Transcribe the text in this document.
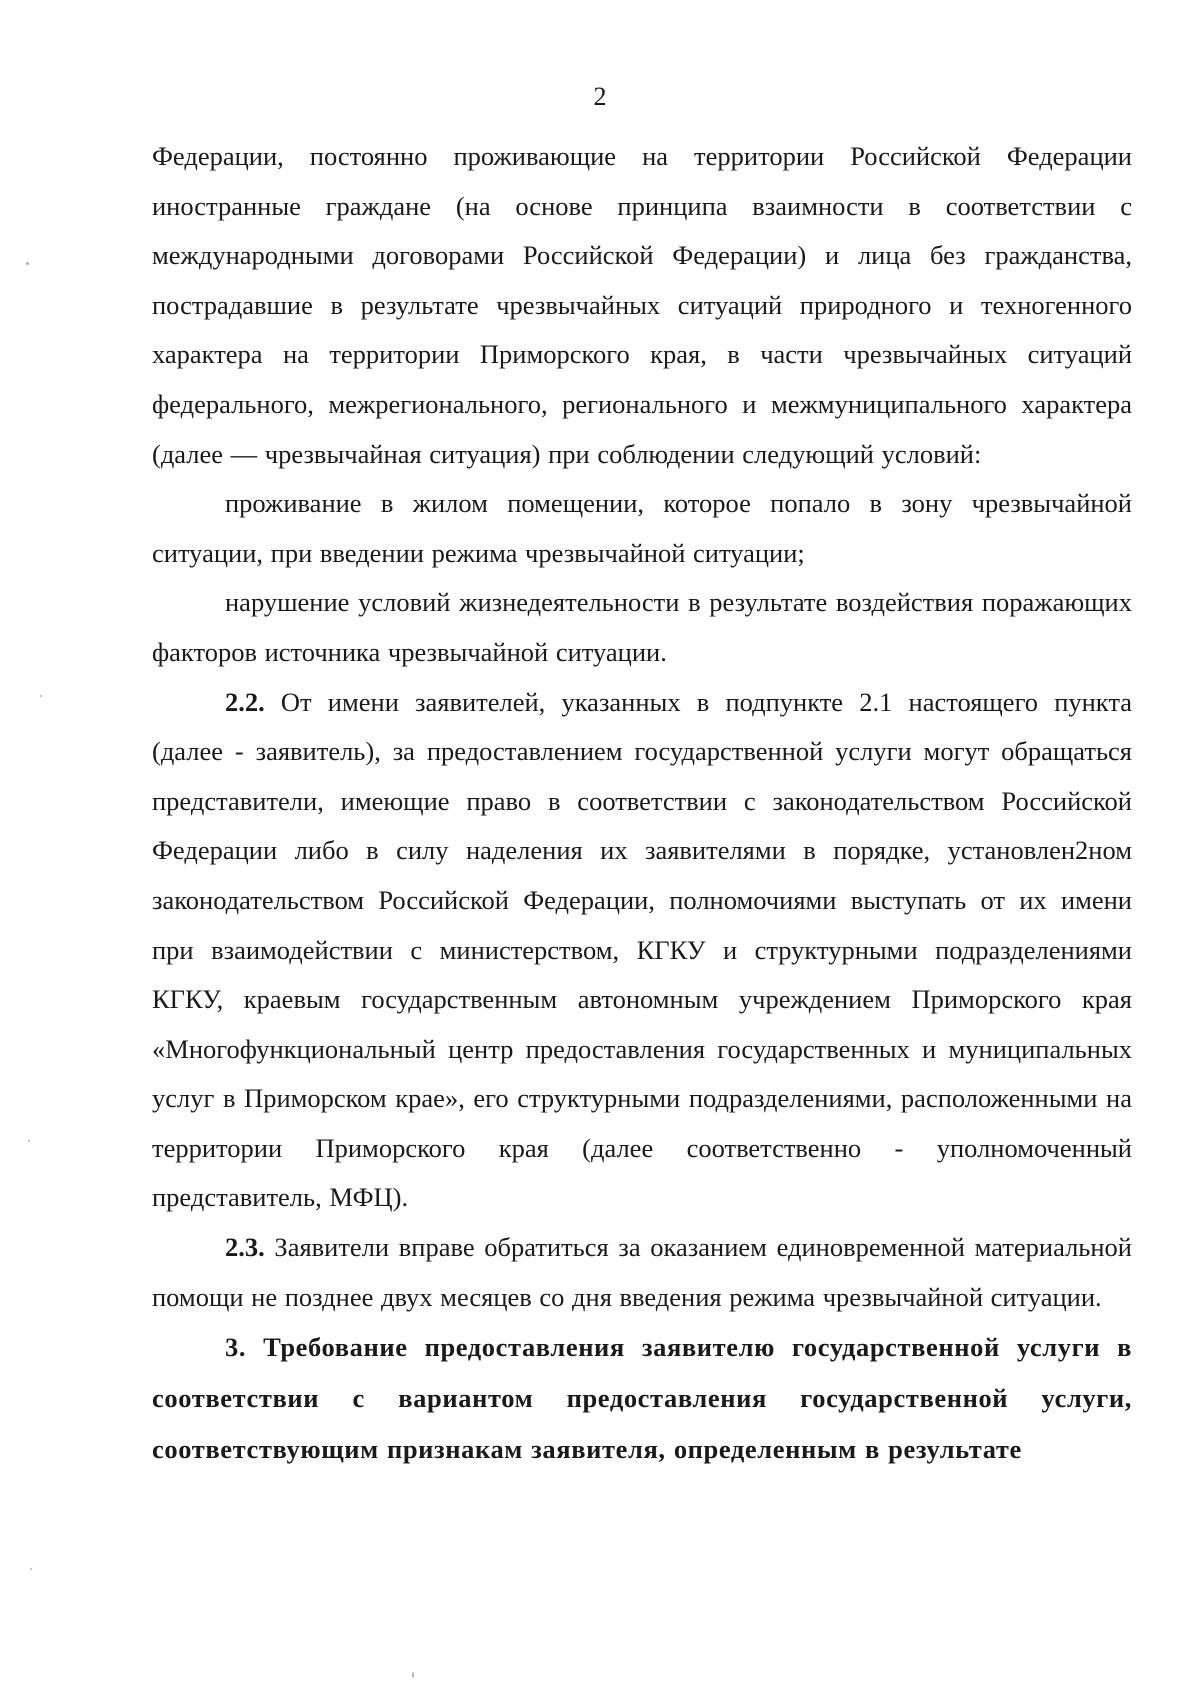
2

Федерации, постоянно проживающие на территории Российской Федерации иностранные граждане (на основе принципа взаимности в соответствии с международными договорами Российской Федерации) и лица без гражданства, пострадавшие в результате чрезвычайных ситуаций природного и техногенного характера на территории Приморского края, в части чрезвычайных ситуаций федерального, межрегионального, регионального и межмуниципального характера (далее — чрезвычайная ситуация) при соблюдении следующий условий:

проживание в жилом помещении, которое попало в зону чрезвычайной ситуации, при введении режима чрезвычайной ситуации;

нарушение условий жизнедеятельности в результате воздействия поражающих факторов источника чрезвычайной ситуации.

2.2. От имени заявителей, указанных в подпункте 2.1 настоящего пункта (далее - заявитель), за предоставлением государственной услуги могут обращаться представители, имеющие право в соответствии с законодательством Российской Федерации либо в силу наделения их заявителями в порядке, установлен2ном законодательством Российской Федерации, полномочиями выступать от их имени при взаимодействии с министерством, КГКУ и структурными подразделениями КГКУ, краевым государственным автономным учреждением Приморского края «Многофункциональный центр предоставления государственных и муниципальных услуг в Приморском крае», его структурными подразделениями, расположенными на территории Приморского края (далее соответственно - уполномоченный представитель, МФЦ).

2.3. Заявители вправе обратиться за оказанием единовременной материальной помощи не позднее двух месяцев со дня введения режима чрезвычайной ситуации.

3. Требование предоставления заявителю государственной услуги в соответствии с вариантом предоставления государственной услуги, соответствующим признакам заявителя, определенным в результате
